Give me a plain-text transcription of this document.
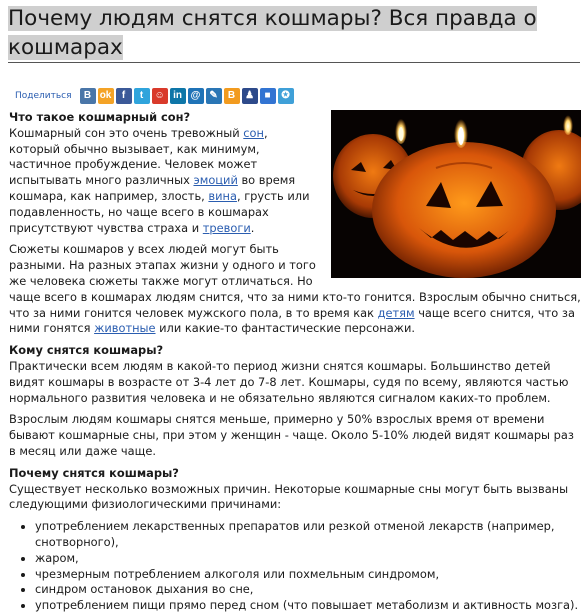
Почему людям снятся кошмары? Вся правда о кошмарах
Поделиться	В ok	f	t	☺ in @ ✎	B ♟	■	✪
Что такое кошмарный сон?

Кошмарный сон это очень тревожный сон, который обычно вызывает, как минимум, частичное пробуждение. Человек может испытывать много различных эмоций во время кошмара, как например, злость, вина, грусть или подавленность, но чаще всего в кошмарах присутствуют чувства страха и тревоги.

Сюжеты кошмаров у всех людей могут быть разными. На разных этапах жизни у одного и того же человека сюжеты также могут отличаться. Но чаще всего в кошмарах людям снится, что за ними кто-то гонится. Взрослым обычно сниться, что за ними гонится человек мужского пола, в то время как детям чаще всего снится, что за ними гонятся животные или какие-то фантастические персонажи.

Кому снятся кошмары?

Практически всем людям в какой-то период жизни снятся кошмары. Большинство детей видят кошмары в возрасте от 3-4 лет до 7-8 лет. Кошмары, судя по всему, являются частью нормального развития человека и не обязательно являются сигналом каких-то проблем.

Взрослым людям кошмары снятся меньше, примерно у 50% взрослых время от времени бывают кошмарные сны, при этом у женщин - чаще. Около 5-10% людей видят кошмары раз в месяц или даже чаще.

Почему снятся кошмары?

Существует несколько возможных причин. Некоторые кошмарные сны могут быть вызваны следующими физиологическими причинами:

• употреблением лекарственных препаратов или резкой отменой лекарств (например, снотворного),
• жаром,
• чрезмерным потреблением алкоголя или похмельным синдромом,
• синдром остановок дыхания во сне,
• употреблением пищи прямо перед сном (что повышает метаболизм и активность мозга).
